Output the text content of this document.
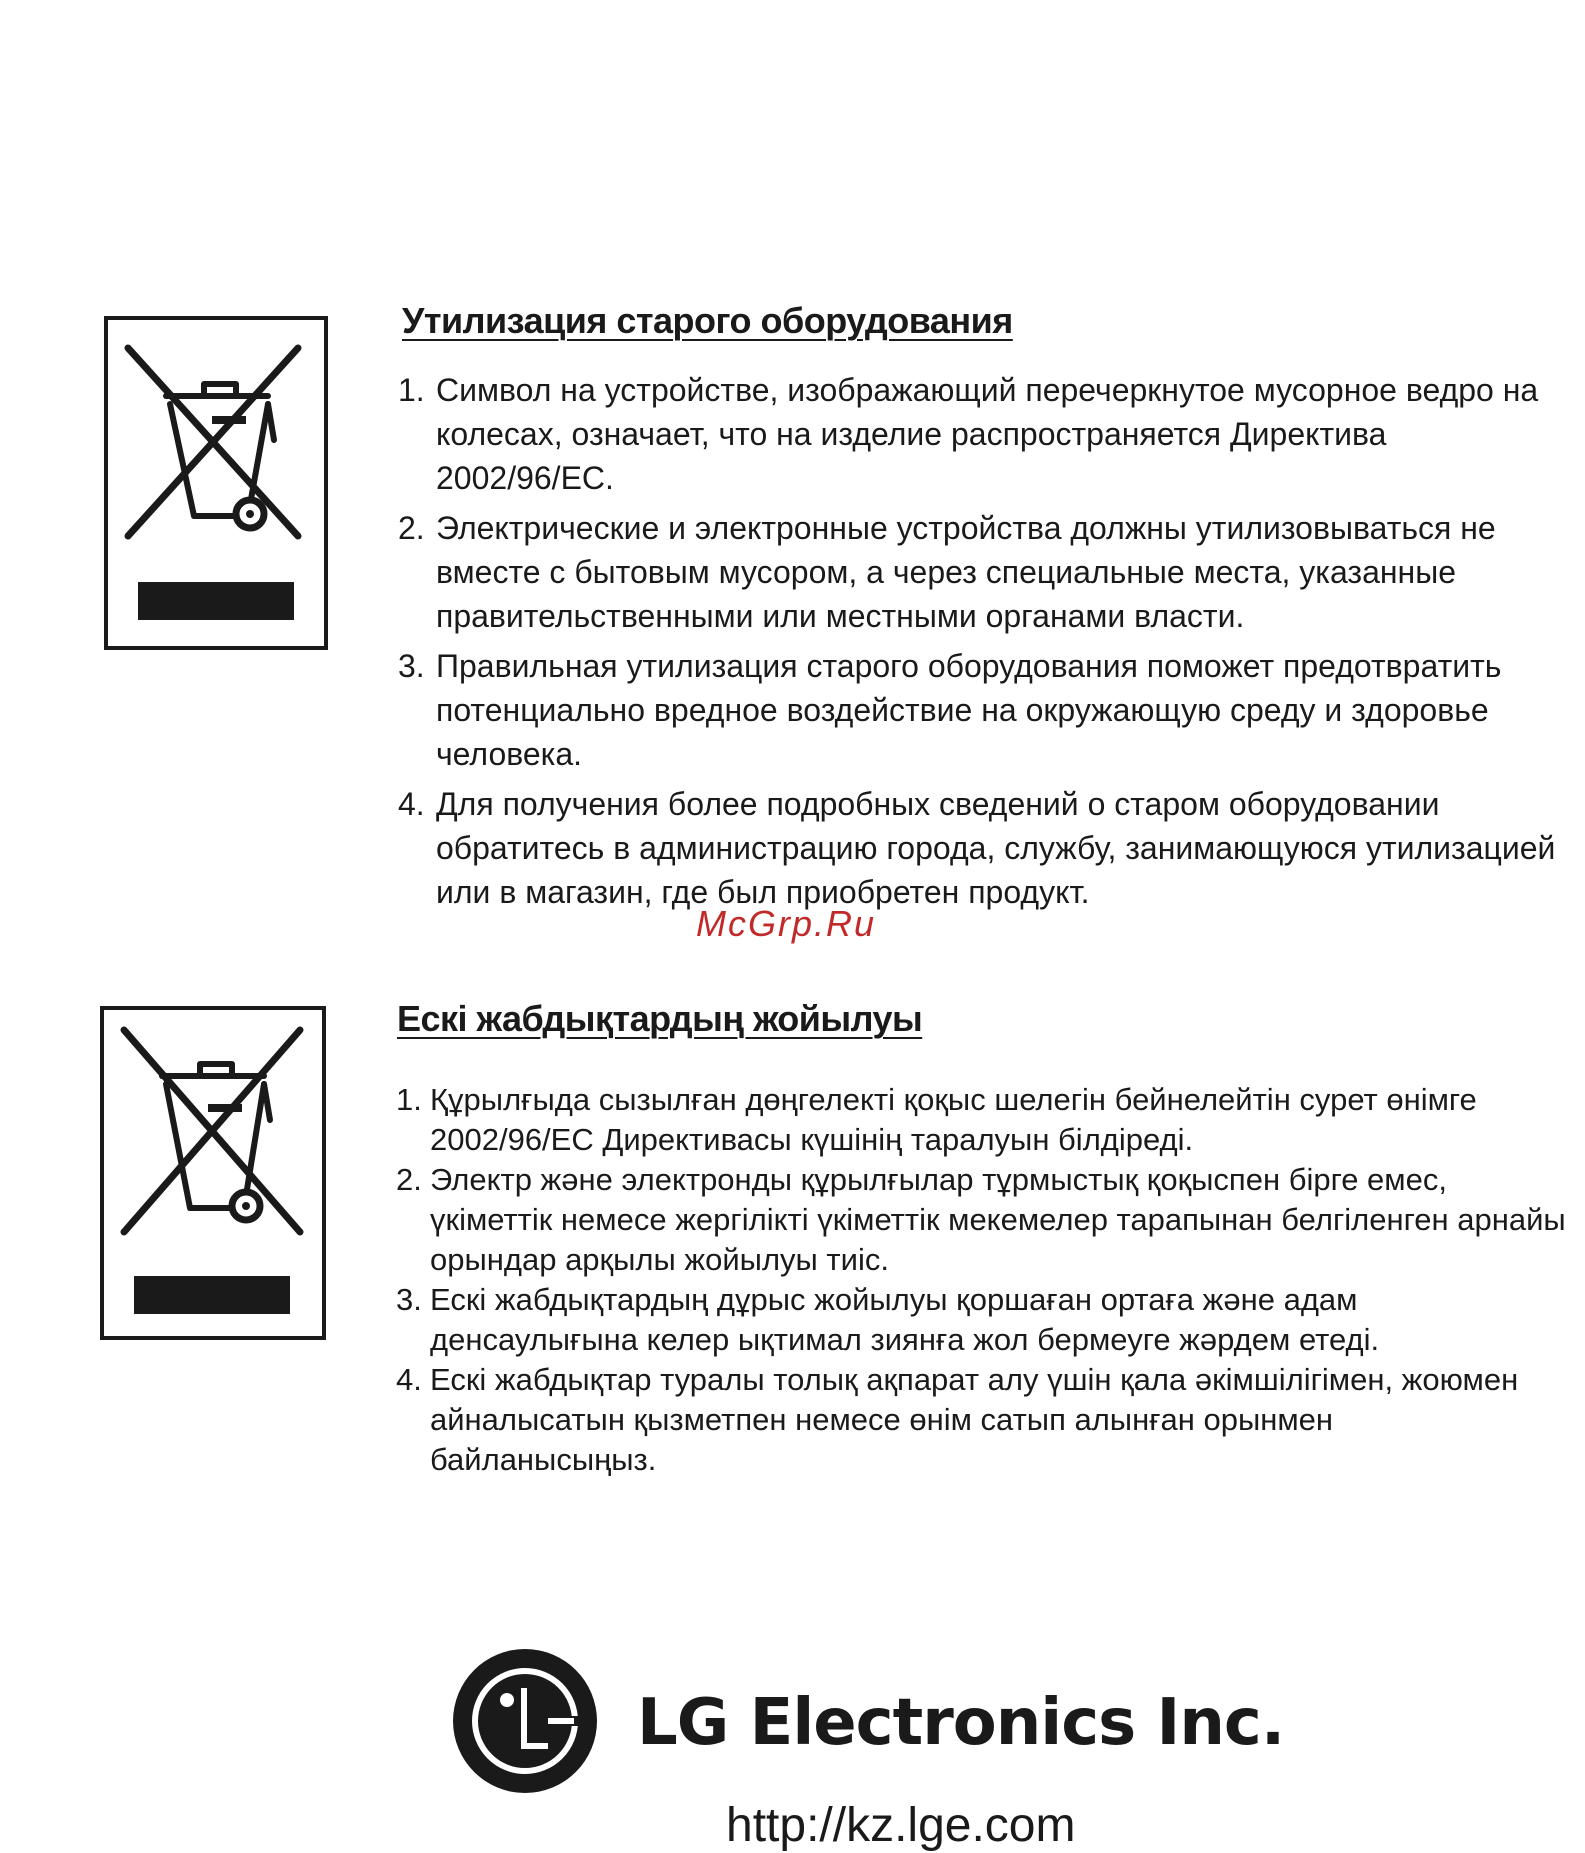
Утилизация старого оборудования
1. Символ на устройстве, изображающий перечеркнутое мусорное ведро на колесах, означает, что на изделие распространяется Директива 2002/96/EC.
2. Электрические и электронные устройства должны утилизовываться не вместе с бытовым мусором, а через специальные места, указанные правительственными или местными органами власти.
3. Правильная утилизация старого оборудования поможет предотвратить потенциально вредное воздействие на окружающую среду и здоровье человека.
4. Для получения более подробных сведений о старом оборудовании обратитесь в администрацию города, службу, занимающуюся утилизацией или в магазин, где был приобретен продукт.

McGrp.Ru

Ескі жабдықтардың жойылуы
1. Құрылғыда сызылған дөңгелекті қоқыс шелегін бейнелейтін сурет өнімге 2002/96/EC Директивасы күшінің таралуын білдіреді.
2. Электр және электронды құрылғылар тұрмыстық қоқыспен бірге емес, үкіметтік немесе жергілікті үкіметтік мекемелер тарапынан белгіленген арнайы орындар арқылы жойылуы тиіс.
3. Ескі жабдықтардың дұрыс жойылуы қоршаған ортаға және адам денсаулығына келер ықтимал зиянға жол бермеуге жәрдем етеді.
4. Ескі жабдықтар туралы толық ақпарат алу үшін қала әкімшілігімен, жоюмен айналысатын қызметпен немесе өнім сатып алынған орынмен байланысыңыз.

LG Electronics Inc.

http://kz.lge.com
